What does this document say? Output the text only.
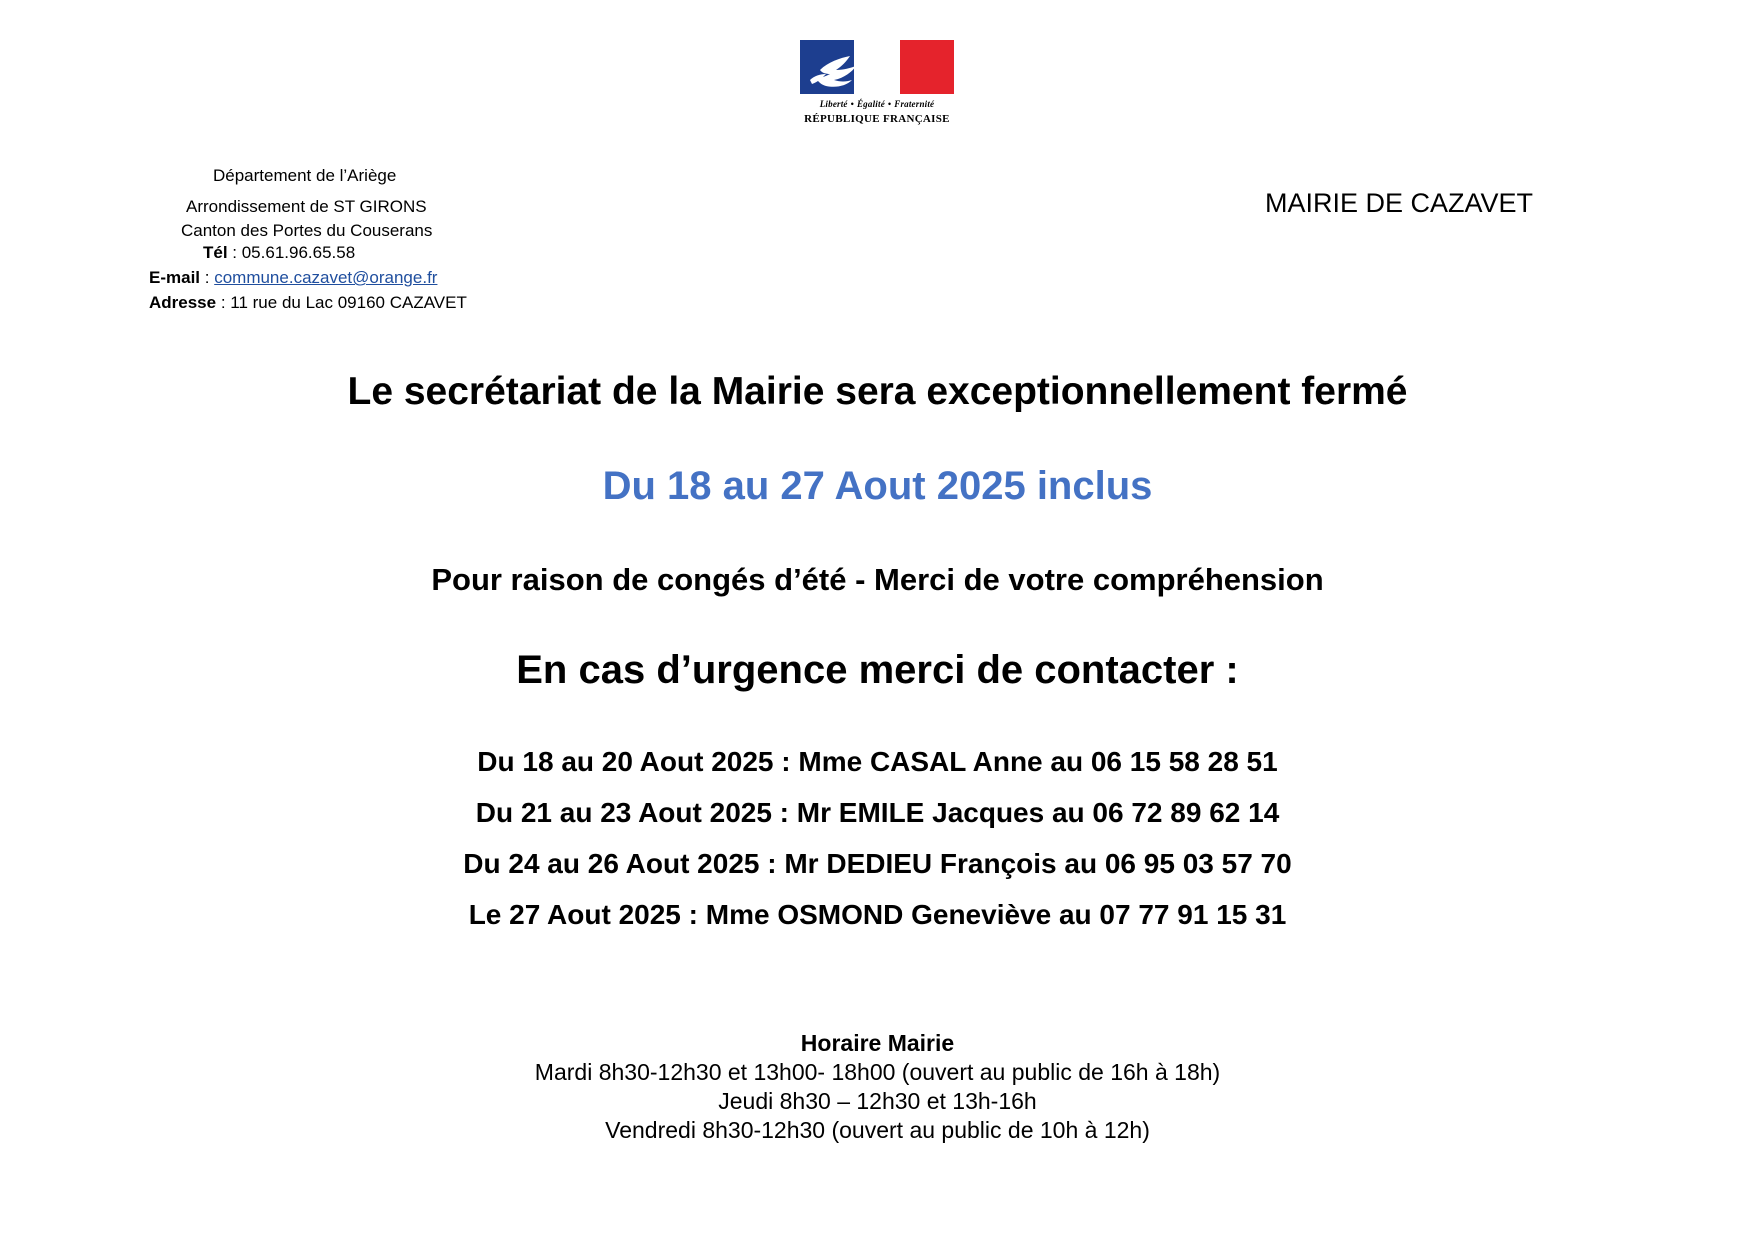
Liberté • Égalité • Fraternité
RÉPUBLIQUE FRANÇAISE
Département de l’Ariège
Arrondissement de ST GIRONS
Canton des Portes du Couserans
Tél : 05.61.96.65.58
E-mail : commune.cazavet@orange.fr
Adresse : 11 rue du Lac 09160 CAZAVET
MAIRIE DE CAZAVET
Le secrétariat de la Mairie sera exceptionnellement fermé
Du 18 au 27 Aout 2025 inclus
Pour raison de congés d’été - Merci de votre compréhension
En cas d’urgence merci de contacter :
Du 18 au 20 Aout 2025 : Mme CASAL Anne au 06 15 58 28 51
Du 21 au 23 Aout 2025 : Mr EMILE Jacques au 06 72 89 62 14
Du 24 au 26 Aout 2025 : Mr DEDIEU François au 06 95 03 57 70
Le 27 Aout 2025 : Mme OSMOND Geneviève au 07 77 91 15 31
Horaire Mairie
Mardi 8h30-12h30 et 13h00- 18h00 (ouvert au public de 16h à 18h)
Jeudi 8h30 – 12h30 et 13h-16h
Vendredi 8h30-12h30 (ouvert au public de 10h à 12h)
